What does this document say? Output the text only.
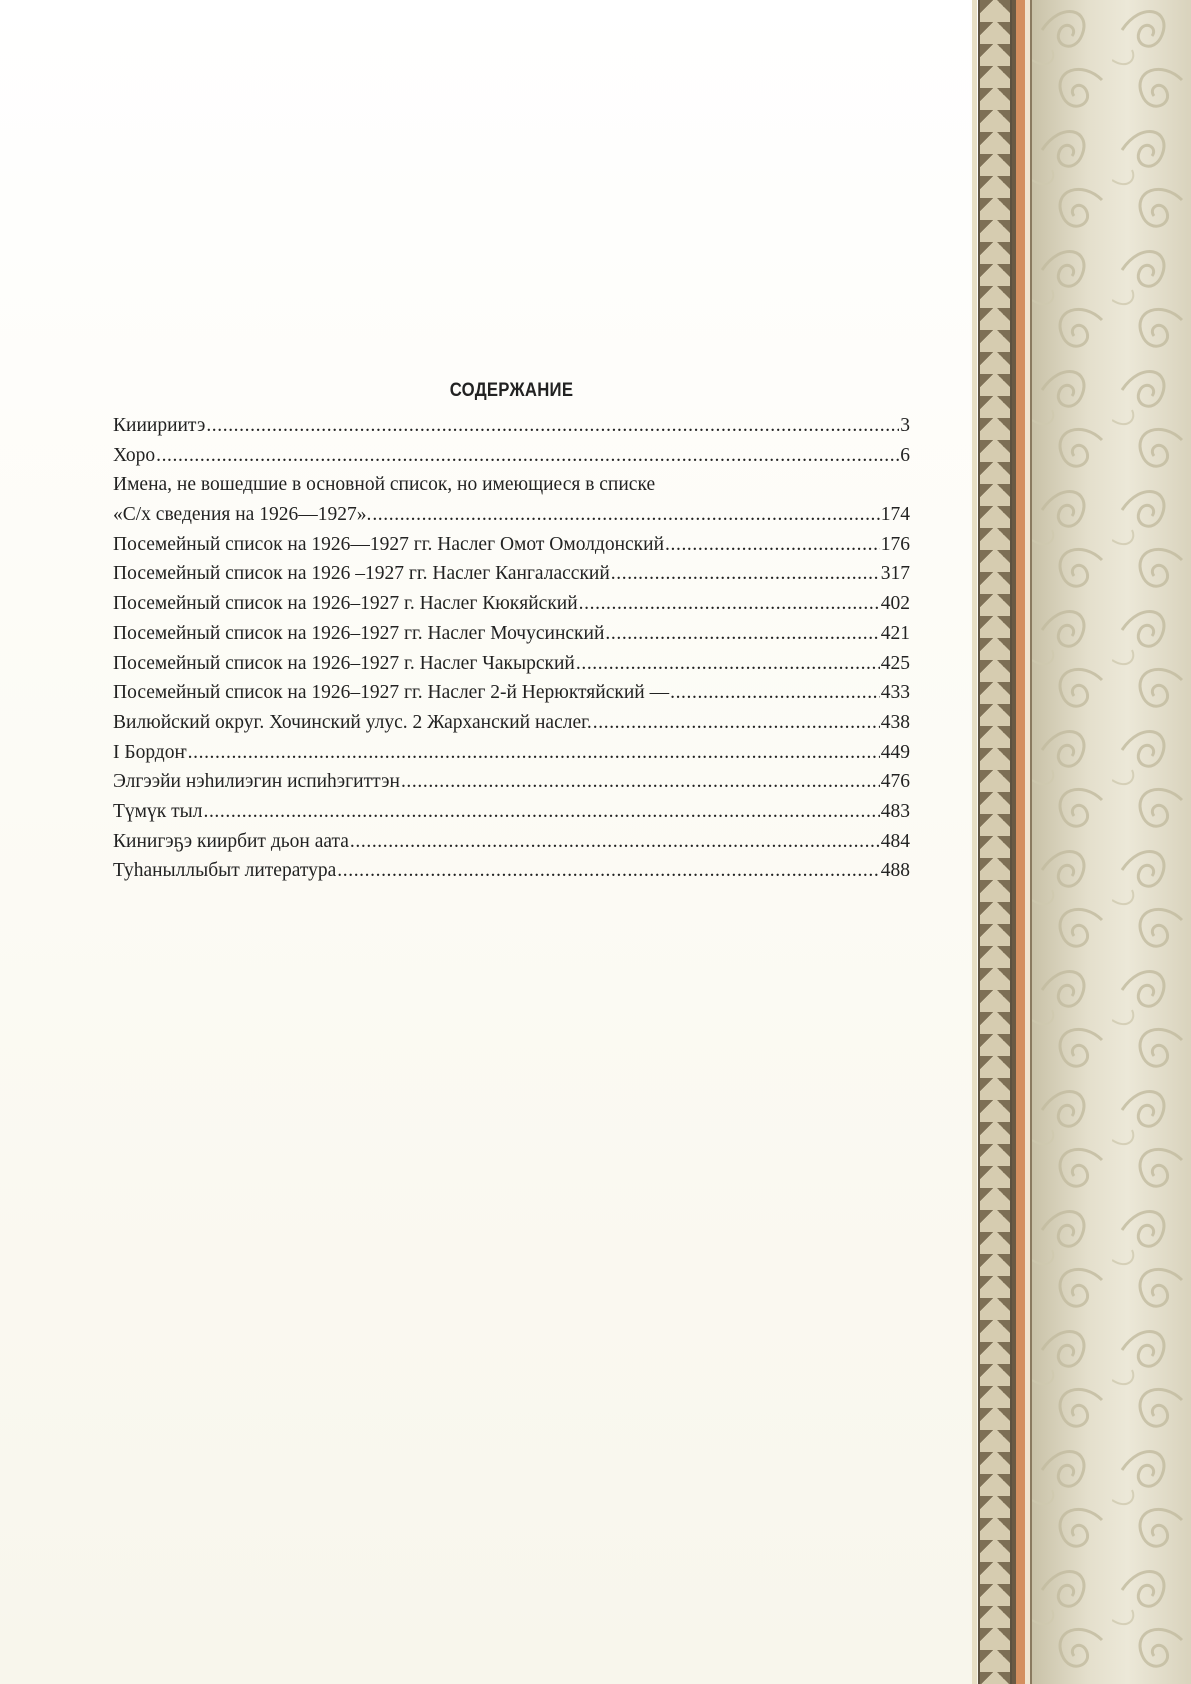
СОДЕРЖАНИЕ
Кииириитэ .....	3
Хоро .....	6
Имена, не вошедшие в основной список, но имеющиеся в списке
«С/х сведения на 1926—1927». .....	174
Посемейный список на 1926—1927 гг. Наслег Омот Омолдонский .....	176
Посемейный список на 1926 –1927 гг. Наслег Кангаласский .....	317
Посемейный список на 1926–1927 г. Наслег Кюкяйский .....	402
Посемейный список на 1926–1927 гг. Наслег Мочусинский .....	421
Посемейный список на 1926–1927 г. Наслег Чакырский .....	425
Посемейный список на 1926–1927 гг. Наслег 2-й Нерюктяйский — .....	433
Вилюйский округ. Хочинский улус. 2 Жарханский наслег. .....	438
I Бордоҥ .....	449
Элгээйи нэһилиэгин испиһэгиттэн .....	476
Түмүк тыл .....	483
Кинигэҕэ киирбит дьон аата .....	484
Туһаныллыбыт литература .....	488
